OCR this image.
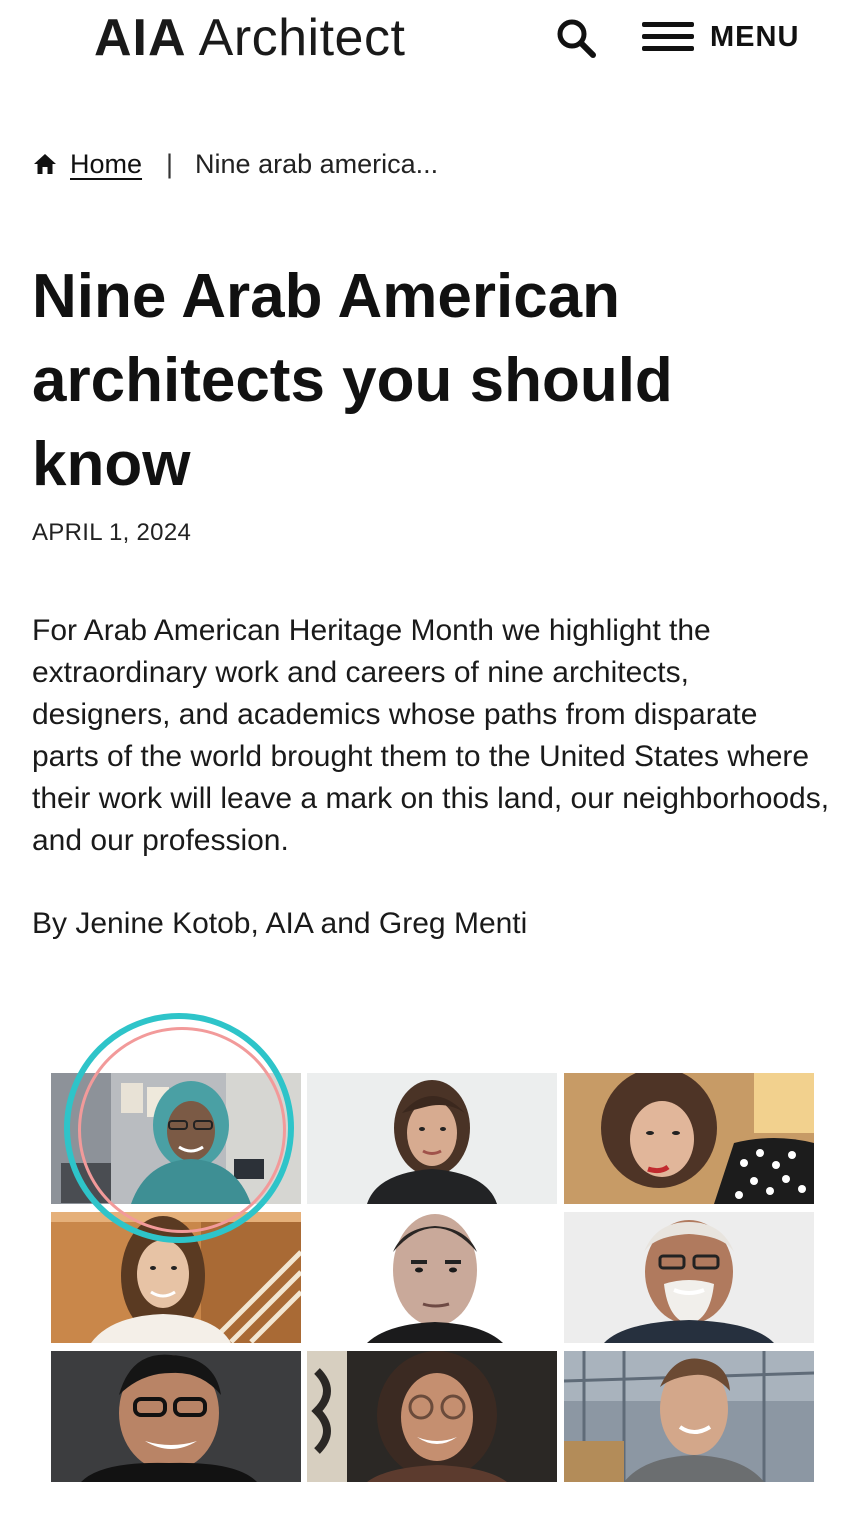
AIA Architect	MENU
Home | Nine arab america...
Nine Arab American architects you should know
APRIL 1, 2024

For Arab American Heritage Month we highlight the extraordinary work and careers of nine architects, designers, and academics whose paths from disparate parts of the world brought them to the United States where their work will leave a mark on this land, our neighborhoods, and our profession.

By Jenine Kotob, AIA and Greg Menti
